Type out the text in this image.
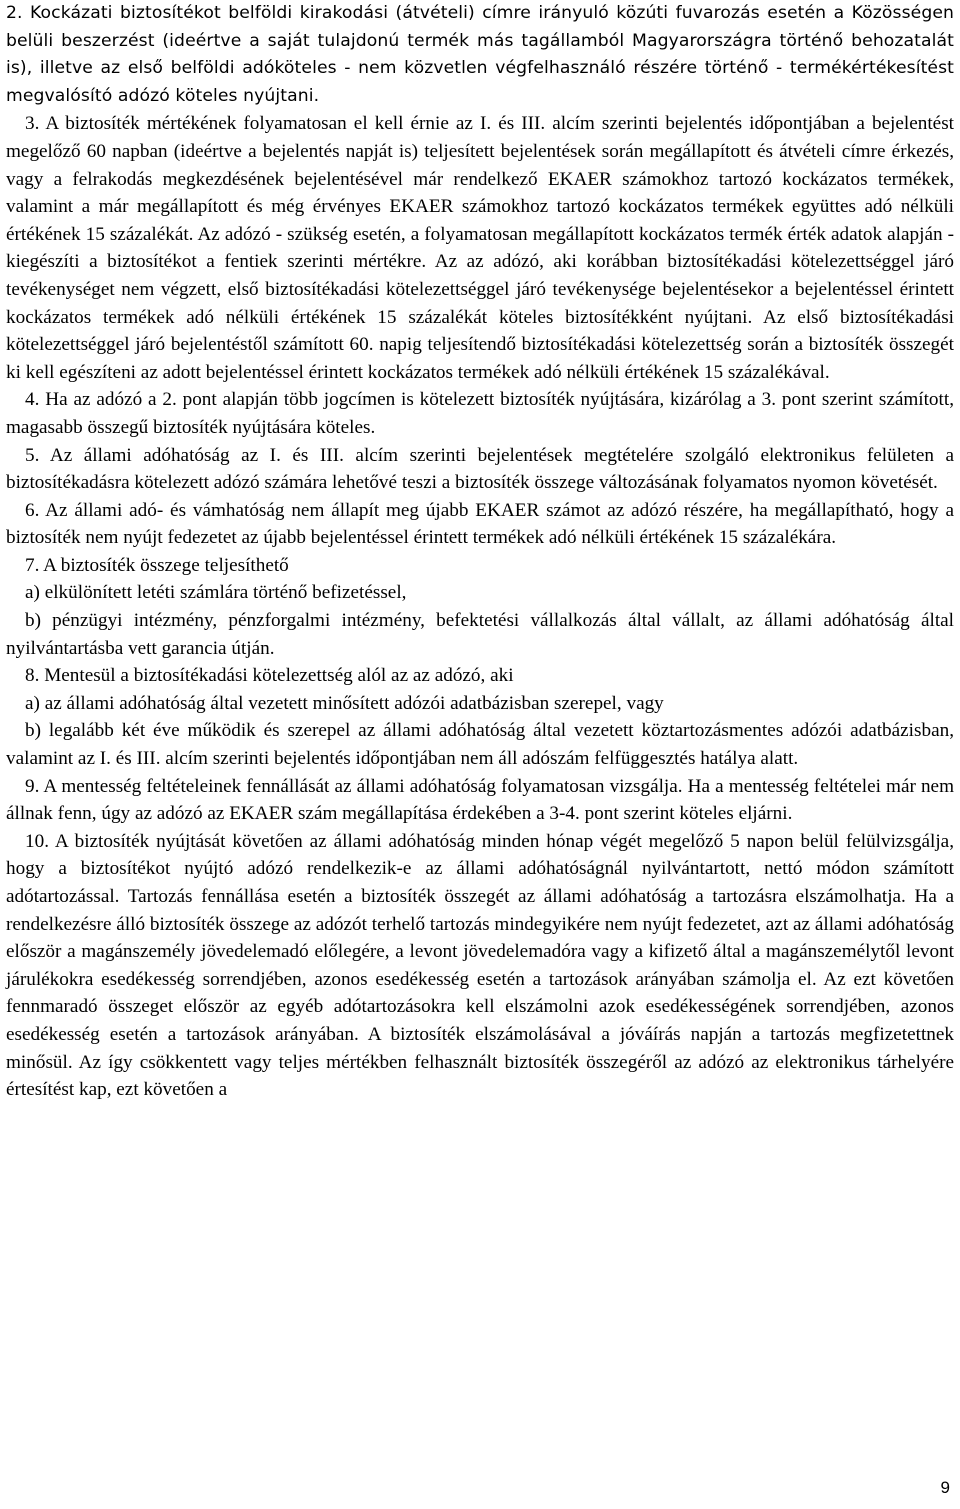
2. Kockázati biztosítékot belföldi kirakodási (átvételi) címre irányuló közúti fuvarozás esetén a Közösségen belüli beszerzést (ideértve a saját tulajdonú termék más tagállamból Magyarországra történő behozatalát is), illetve az első belföldi adóköteles - nem közvetlen végfelhasználó részére történő - termékértékesítést megvalósító adózó köteles nyújtani.

3. A biztosíték mértékének folyamatosan el kell érnie az I. és III. alcím szerinti bejelentés időpontjában a bejelentést megelőző 60 napban (ideértve a bejelentés napját is) teljesített bejelentések során megállapított és átvételi címre érkezés, vagy a felrakodás megkezdésének bejelentésével már rendelkező EKAER számokhoz tartozó kockázatos termékek, valamint a már megállapított és még érvényes EKAER számokhoz tartozó kockázatos termékek együttes adó nélküli értékének 15 százalékát. Az adózó - szükség esetén, a folyamatosan megállapított kockázatos termék érték adatok alapján - kiegészíti a biztosítékot a fentiek szerinti mértékre. Az az adózó, aki korábban biztosítékadási kötelezettséggel járó tevékenységet nem végzett, első biztosítékadási kötelezettséggel járó tevékenysége bejelentésekor a bejelentéssel érintett kockázatos termékek adó nélküli értékének 15 százalékát köteles biztosítékként nyújtani. Az első biztosítékadási kötelezettséggel járó bejelentéstől számított 60. napig teljesítendő biztosítékadási kötelezettség során a biztosíték összegét ki kell egészíteni az adott bejelentéssel érintett kockázatos termékek adó nélküli értékének 15 százalékával.

4. Ha az adózó a 2. pont alapján több jogcímen is kötelezett biztosíték nyújtására, kizárólag a 3. pont szerint számított, magasabb összegű biztosíték nyújtására köteles.

5. Az állami adóhatóság az I. és III. alcím szerinti bejelentések megtételére szolgáló elektronikus felületen a biztosítékadásra kötelezett adózó számára lehetővé teszi a biztosíték összege változásának folyamatos nyomon követését.

6. Az állami adó- és vámhatóság nem állapít meg újabb EKAER számot az adózó részére, ha megállapítható, hogy a biztosíték nem nyújt fedezetet az újabb bejelentéssel érintett termékek adó nélküli értékének 15 százalékára.

7. A biztosíték összege teljesíthető

a) elkülönített letéti számlára történő befizetéssel,

b) pénzügyi intézmény, pénzforgalmi intézmény, befektetési vállalkozás által vállalt, az állami adóhatóság által nyilvántartásba vett garancia útján.

8. Mentesül a biztosítékadási kötelezettség alól az az adózó, aki

a) az állami adóhatóság által vezetett minősített adózói adatbázisban szerepel, vagy

b) legalább két éve működik és szerepel az állami adóhatóság által vezetett köztartozásmentes adózói adatbázisban, valamint az I. és III. alcím szerinti bejelentés időpontjában nem áll adószám felfüggesztés hatálya alatt.

9. A mentesség feltételeinek fennállását az állami adóhatóság folyamatosan vizsgálja. Ha a mentesség feltételei már nem állnak fenn, úgy az adózó az EKAER szám megállapítása érdekében a 3-4. pont szerint köteles eljárni.

10. A biztosíték nyújtását követően az állami adóhatóság minden hónap végét megelőző 5 napon belül felülvizsgálja, hogy a biztosítékot nyújtó adózó rendelkezik-e az állami adóhatóságnál nyilvántartott, nettó módon számított adótartozással. Tartozás fennállása esetén a biztosíték összegét az állami adóhatóság a tartozásra elszámolhatja. Ha a rendelkezésre álló biztosíték összege az adózót terhelő tartozás mindegyikére nem nyújt fedezetet, azt az állami adóhatóság először a magánszemély jövedelemadó előlegére, a levont jövedelemadóra vagy a kifizető által a magánszemélytől levont járulékokra esedékesség sorrendjében, azonos esedékesség esetén a tartozások arányában számolja el. Az ezt követően fennmaradó összeget először az egyéb adótartozásokra kell elszámolni azok esedékességének sorrendjében, azonos esedékesség esetén a tartozások arányában. A biztosíték elszámolásával a jóváírás napján a tartozás megfizetettnek minősül. Az így csökkentett vagy teljes mértékben felhasznált biztosíték összegéről az adózó az elektronikus tárhelyére értesítést kap, ezt követően a

9
